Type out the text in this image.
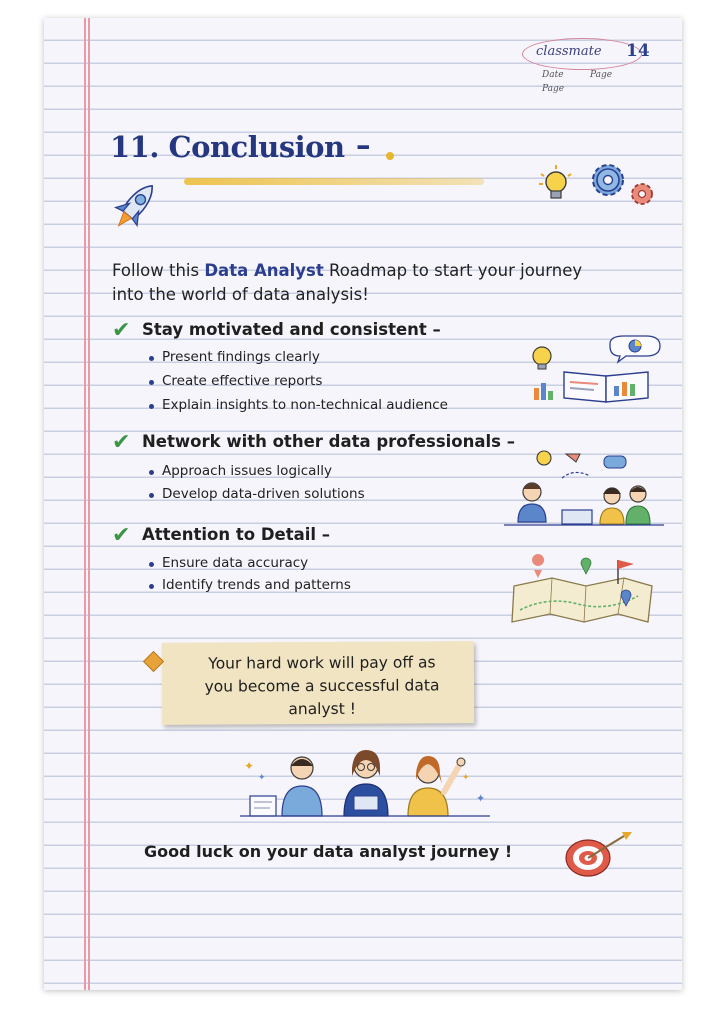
classmate 14
Date	Page
Page
11. Conclusion –
Follow this Data Analyst Roadmap to start your journey into the world of data analysis!
✔ Stay motivated and consistent –
Present findings clearly
Create effective reports
Explain insights to non-technical audience
✔ Network with other data professionals –
Approach issues logically
Develop data-driven solutions
✔ Attention to Detail –
Ensure data accuracy
Identify trends and patterns
Your hard work will pay off as
you become a successful data
analyst !
✦
✦
✦
✦
Good luck on your data analyst journey !
